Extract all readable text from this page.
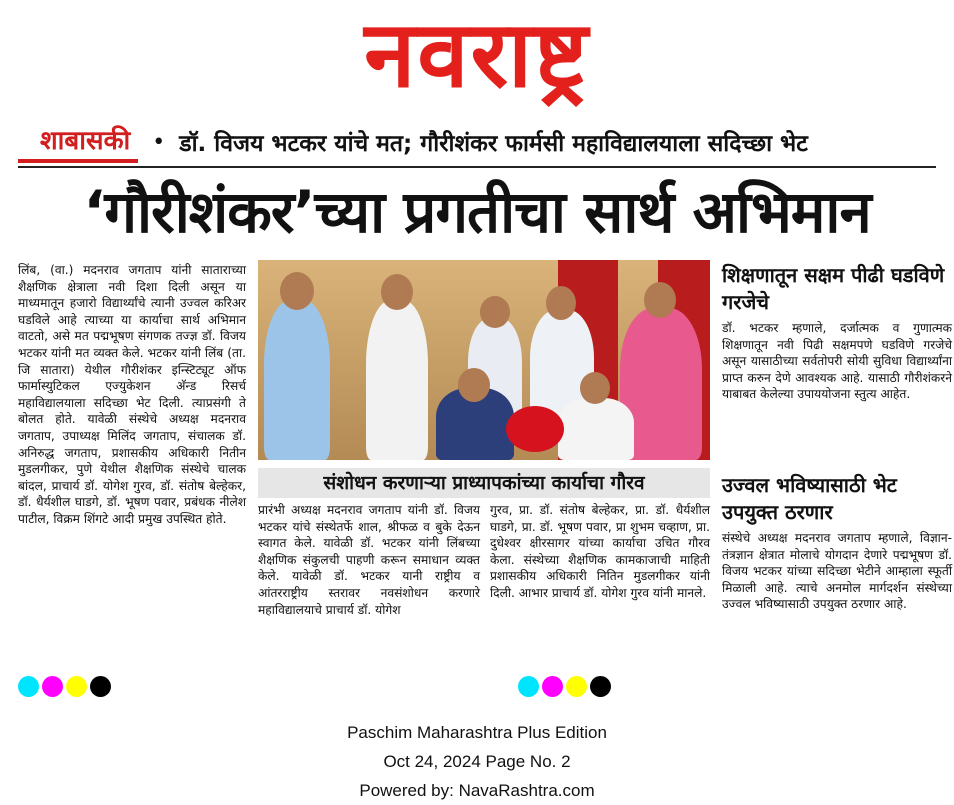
नवराष्ट्र
शाबासकी	• डॉ. विजय भटकर यांचे मत; गौरीशंकर फार्मसी महाविद्यालयाला सदिच्छा भेट
‘गौरीशंकर’च्या प्रगतीचा सार्थ अभिमान
लिंब, (वा.) मदनराव जगताप यांनी साताराच्या शैक्षणिक क्षेत्राला नवी दिशा दिली असून या माध्यमातून हजारो विद्यार्थ्यांचे त्यानी उज्वल करिअर घडविले आहे त्याच्या या कार्याचा सार्थ अभिमान वाटतो, असे मत पद्मभूषण संगणक तज्ज्ञ डॉ. विजय भटकर यांनी मत व्यक्त केले. भटकर यांनी लिंब (ता. जि सातारा) येथील गौरीशंकर इन्स्टिट्यूट ऑफ फार्मास्युटिकल एज्युकेशन अ‍ॅन्ड रिसर्च महाविद्यालयाला सदिच्छा भेट दिली. त्याप्रसंगी ते बोलत होते. यावेळी संस्थेचे अध्यक्ष मदनराव जगताप, उपाध्यक्ष मिलिंद जगताप, संचालक डॉ. अनिरुद्ध जगताप, प्रशासकीय अधिकारी नितीन मुडलगीकर, पुणे येथील शैक्षणिक संस्थेचे चालक बांदल, प्राचार्य डॉ. योगेश गुरव, डॉ. संतोष बेल्हेकर, डॉ. धैर्यशील घाडगे, डॉ. भूषण पवार, प्रबंधक नीलेश पाटील, विक्रम शिंगटे आदी प्रमुख उपस्थित होते.
संशोधन करणाऱ्या प्राध्यापकांच्या कार्याचा गौरव
प्रारंभी अध्यक्ष मदनराव जगताप यांनी डॉ. विजय भटकर यांचे संस्थेतर्फे शाल, श्रीफळ व बुके देऊन स्वागत केले. यावेळी डॉ. भटकर यांनी लिंबच्या शैक्षणिक संकुलची पाहणी करून समाधान व्यक्त केले. यावेळी डॉ. भटकर यानी राष्ट्रीय व आंतरराष्ट्रीय स्तरावर नवसंशोधन करणारे महाविद्यालयाचे प्राचार्य डॉ. योगेश
गुरव, प्रा. डॉ. संतोष बेल्हेकर, प्रा. डॉ. धैर्यशील घाडगे, प्रा. डॉ. भूषण पवार, प्रा शुभम चव्हाण, प्रा. दुधेश्वर क्षीरसागर यांच्या कार्याचा उचित गौरव केला. संस्थेच्या शैक्षणिक कामकाजाची माहिती प्रशासकीय अधिकारी नितिन मुडलगीकर यांनी दिली. आभार प्राचार्य डॉ. योगेश गुरव यांनी मानले.
शिक्षणातून सक्षम पीढी घडविणे गरजेचे
डॉ. भटकर म्हणाले, दर्जात्मक व गुणात्मक शिक्षणातून नवी पिढी सक्षमपणे घडविणे गरजेचे असून यासाठीच्या सर्वतोपरी सोयी सुविधा विद्यार्थ्यांना प्राप्त करुन देणे आवश्यक आहे. यासाठी गौरीशंकरने याबाबत केलेल्या उपाययोजना स्तुत्य आहेत.
उज्वल भविष्यासाठी भेट उपयुक्त ठरणार
संस्थेचे अध्यक्ष मदनराव जगताप म्हणाले, विज्ञान-तंत्रज्ञान क्षेत्रात मोलाचे योगदान देणारे पद्मभूषण डॉ. विजय भटकर यांच्या सदिच्छा भेटीने आम्हाला स्फूर्ती मिळाली आहे. त्याचे अनमोल मार्गदर्शन संस्थेच्या उज्वल भविष्यासाठी उपयुक्त ठरणार आहे.
Paschim Maharashtra Plus Edition
Oct 24, 2024 Page No. 2
Powered by: NavaRashtra.com
